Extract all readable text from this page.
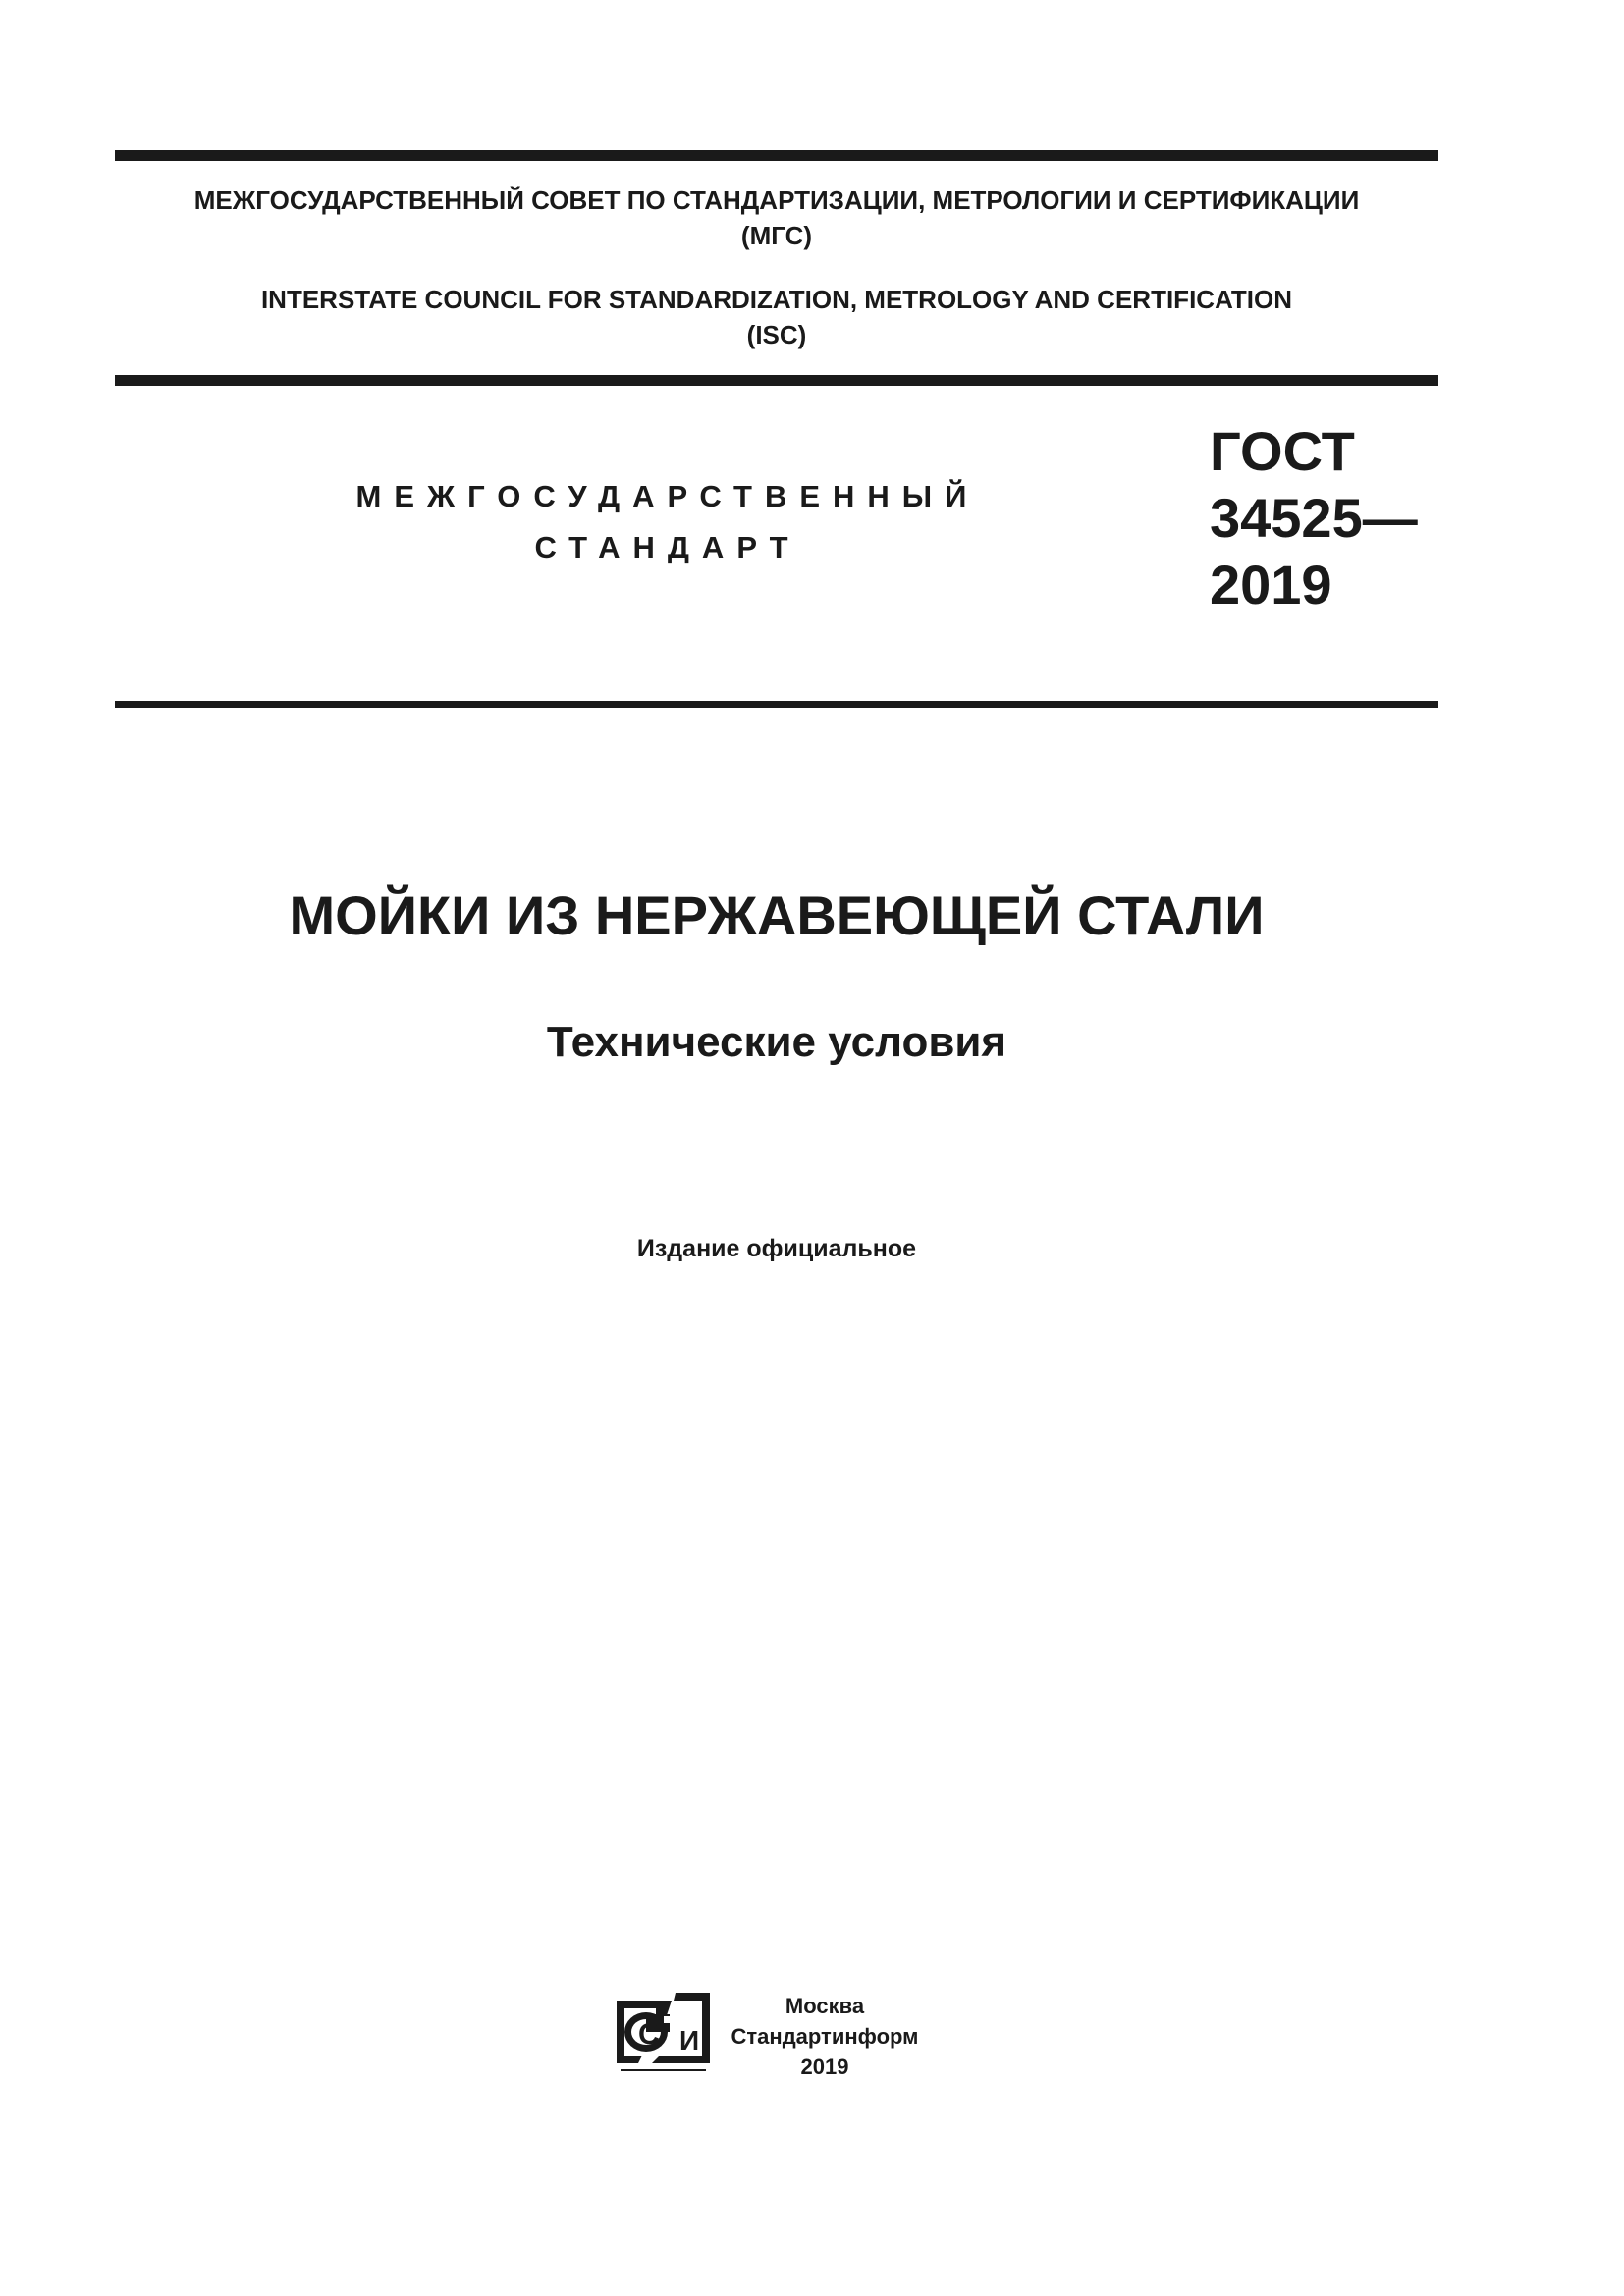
МЕЖГОСУДАРСТВЕННЫЙ СОВЕТ ПО СТАНДАРТИЗАЦИИ, МЕТРОЛОГИИ И СЕРТИФИКАЦИИ
(МГС)
INTERSTATE COUNCIL FOR STANDARDIZATION, METROLOGY AND CERTIFICATION
(ISC)
МЕЖГОСУДАРСТВЕННЫЙ
СТАНДАРТ
ГОСТ
34525—
2019
МОЙКИ ИЗ НЕРЖАВЕЮЩЕЙ СТАЛИ
Технические условия
Издание официальное
С И
Москва
Стандартинформ
2019
